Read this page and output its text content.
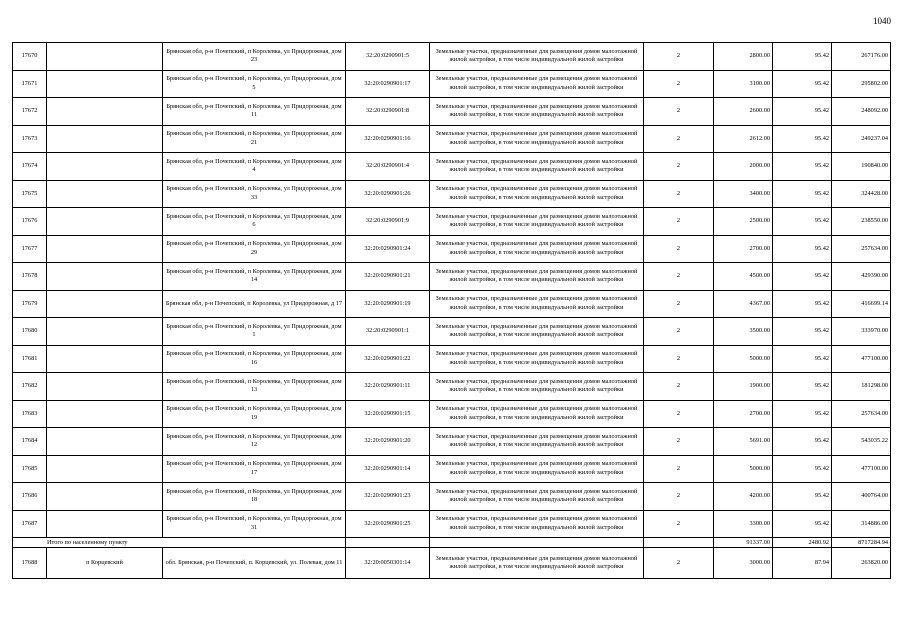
1040
17670		Брянская обл, р-н Почепский, п Королевка, ул Придорожная, дом 23	32:20:0290901:5	Земельные участки, предназначенные для размещения домов малоэтажной жилой застройки, в том числе индивидуальной жилой застройки	2	2800.00	95.42	267176.00
17671		Брянская обл, р-н Почепский, п Королевка, ул Придорожная, дом 5	32:20:0290901:17	Земельные участки, предназначенные для размещения домов малоэтажной жилой застройки, в том числе индивидуальной жилой застройки	2	3100.00	95.42	295802.00
17672		Брянская обл, р-н Почепский, п Королевка, ул Придорожная, дом 11	32:20:0290901:8	Земельные участки, предназначенные для размещения домов малоэтажной жилой застройки, в том числе индивидуальной жилой застройки	2	2600.00	95.42	248092.00
17673		Брянская обл, р-н Почепский, п Королевка, ул Придорожная, дом 21	32:20:0290901:16	Земельные участки, предназначенные для размещения домов малоэтажной жилой застройки, в том числе индивидуальной жилой застройки	2	2612.00	95.42	249237.04
17674		Брянская обл, р-н Почепский, п Королевка, ул Придорожная, дом 4	32:20:0290901:4	Земельные участки, предназначенные для размещения домов малоэтажной жилой застройки, в том числе индивидуальной жилой застройки	2	2000.00	95.42	190840.00
17675		Брянская обл, р-н Почепский, п Королевка, ул Придорожная, дом 33	32:20:0290901:26	Земельные участки, предназначенные для размещения домов малоэтажной жилой застройки, в том числе индивидуальной жилой застройки	2	3400.00	95.42	324428.00
17676		Брянская обл, р-н Почепский, п Королевка, ул Придорожная, дом 6	32:20:0290901:9	Земельные участки, предназначенные для размещения домов малоэтажной жилой застройки, в том числе индивидуальной жилой застройки	2	2500.00	95.42	238550.00
17677		Брянская обл, р-н Почепский, п Королевка, ул Придорожная, дом 29	32:20:0290901:24	Земельные участки, предназначенные для размещения домов малоэтажной жилой застройки, в том числе индивидуальной жилой застройки	2	2700.00	95.42	257634.00
17678		Брянская обл, р-н Почепский, п Королевка, ул Придорожная, дом 14	32:20:0290901:21	Земельные участки, предназначенные для размещения домов малоэтажной жилой застройки, в том числе индивидуальной жилой застройки	2	4500.00	95.42	429390.00
17679		Брянская обл, р-н Почепский, п Королевка, ул Придорожная, д 17	32:20:0290901:19	Земельные участки, предназначенные для размещения домов малоэтажной жилой застройки, в том числе индивидуальной жилой застройки	2	4367.00	95.42	416699.14
17680		Брянская обл, р-н Почепский, п Королевка, ул Придорожная, дом 1	32:20:0290901:1	Земельные участки, предназначенные для размещения домов малоэтажной жилой застройки, в том числе индивидуальной жилой застройки	2	3500.00	95.42	333970.00
17681		Брянская обл, р-н Почепский, п Королевка, ул Придорожная, дом 16	32:20:0290901:22	Земельные участки, предназначенные для размещения домов малоэтажной жилой застройки, в том числе индивидуальной жилой застройки	2	5000.00	95.42	477100.00
17682		Брянская обл, р-н Почепский, п Королевка, ул Придорожная, дом 13	32:20:0290901:11	Земельные участки, предназначенные для размещения домов малоэтажной жилой застройки, в том числе индивидуальной жилой застройки	2	1900.00	95.42	181298.00
17683		Брянская обл, р-н Почепский, п Королевка, ул Придорожная, дом 19	32:20:0290901:15	Земельные участки, предназначенные для размещения домов малоэтажной жилой застройки, в том числе индивидуальной жилой застройки	2	2700.00	95.42	257634.00
17684		Брянская обл, р-н Почепский, п Королевка, ул Придорожная, дом 12	32:20:0290901:20	Земельные участки, предназначенные для размещения домов малоэтажной жилой застройки, в том числе индивидуальной жилой застройки	2	5691.00	95.42	543035.22
17685		Брянская обл, р-н Почепский, п Королевка, ул Придорожная, дом 17	32:20:0290901:14	Земельные участки, предназначенные для размещения домов малоэтажной жилой застройки, в том числе индивидуальной жилой застройки	2	5000.00	95.42	477100.00
17686		Брянская обл, р-н Почепский, п Королевка, ул Придорожная, дом 18	32:20:0290901:23	Земельные участки, предназначенные для размещения домов малоэтажной жилой застройки, в том числе индивидуальной жилой застройки	2	4200.00	95.42	400764.00
17687		Брянская обл, р-н Почепский, п Королевка, ул Придорожная, дом 31	32:20:0290901:25	Земельные участки, предназначенные для размещения домов малоэтажной жилой застройки, в том числе индивидуальной жилой застройки	2	3300.00	95.42	314886.00
Итого по населенному пункту						91337.00	2480.92	8717284.94
17688	п Корцевский	обл. Брянская, р-н Почепский, п. Корцевский, ул. Полевая, дом 11	32:20:0050301:14	Земельные участки, предназначенные для размещения домов малоэтажной жилой застройки, в том числе индивидуальной жилой застройки	2	3000.00	87.94	263820.00
